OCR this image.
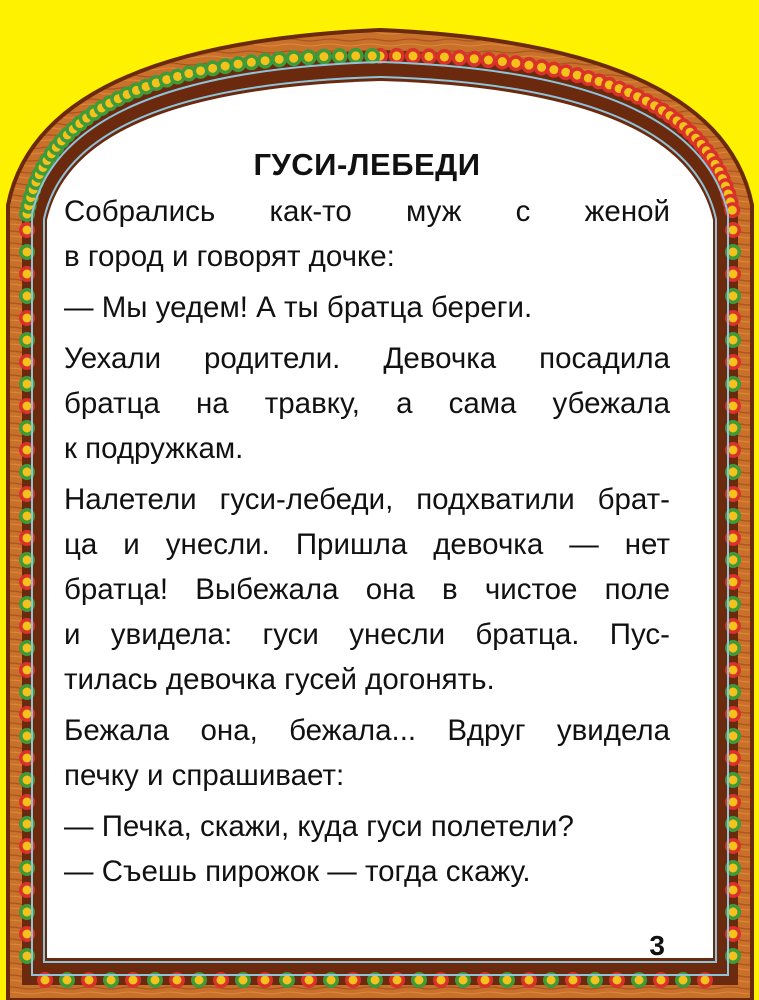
ГУСИ-ЛЕБЕДИ
Собрались как-то муж с женой
в город и говорят дочке:
— Мы уедем! А ты братца береги.
Уехали родители. Девочка посадила
братца на травку, а сама убежала
к подружкам.
Налетели гуси-лебеди, подхватили брат-
ца и унесли. Пришла девочка — нет
братца! Выбежала она в чистое поле
и увидела: гуси унесли братца. Пус-
тилась девочка гусей догонять.
Бежала она, бежала... Вдруг увидела
печку и спрашивает:
— Печка, скажи, куда гуси полетели?
— Съешь пирожок — тогда скажу.
3
